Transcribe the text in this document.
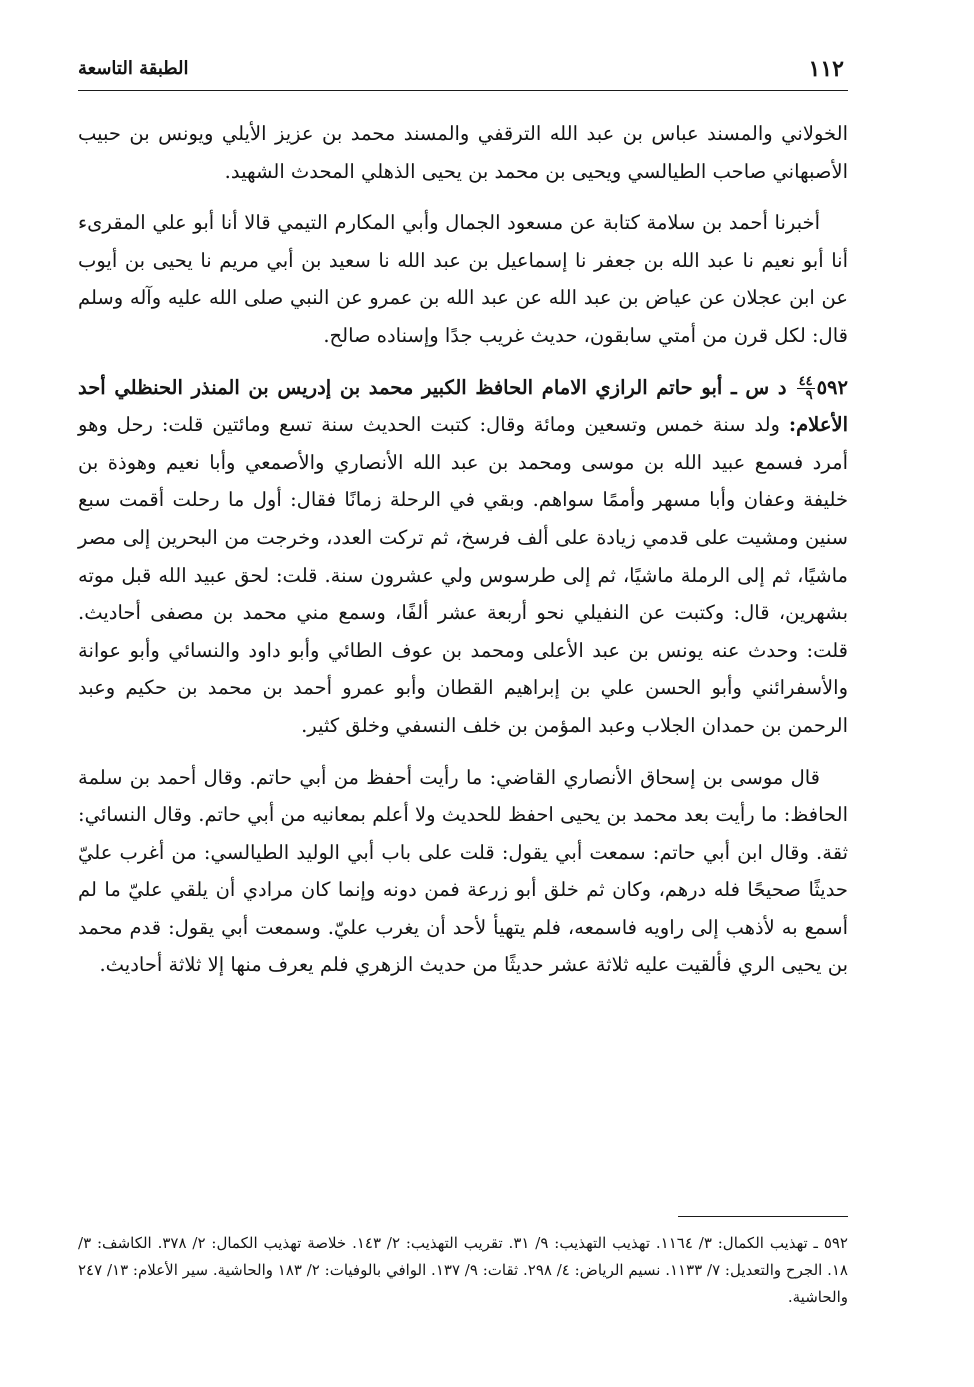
١١٢
الطبقة التاسعة

الخولاني والمسند عباس بن عبد الله الترقفي والمسند محمد بن عزيز الأيلي ويونس بن حبيب الأصبهاني صاحب الطيالسي ويحيى بن محمد بن يحيى الذهلي المحدث الشهيد.

أخبرنا أحمد بن سلامة كتابة عن مسعود الجمال وأبي المكارم التيمي قالا أنا أبو علي المقرىء أنا أبو نعيم نا عبد الله بن جعفر نا إسماعيل بن عبد الله نا سعيد بن أبي مريم نا يحيى بن أيوب عن ابن عجلان عن عياض بن عبد الله عن عبد الله بن عمرو عن النبي صلى الله عليه وآله وسلم قال: لكل قرن من أمتي سابقون، حديث غريب جدًا وإسناده صالح.

٥٩٢
$\frac{٤٤}{٩}$
د س ـ أبو حاتم الرازي الامام الحافظ الكبير محمد بن إدريس بن المنذر الحنظلي أحد الأعلام: ولد سنة خمس وتسعين ومائة وقال: كتبت الحديث سنة تسع ومائتين قلت: رحل وهو أمرد فسمع عبيد الله بن موسى ومحمد بن عبد الله الأنصاري والأصمعي وأبا نعيم وهوذة بن خليفة وعفان وأبا مسهر وأممًا سواهم. وبقي في الرحلة زمانًا فقال: أول ما رحلت أقمت سبع سنين ومشيت على قدمي زيادة على ألف فرسخ، ثم تركت العدد، وخرجت من البحرين إلى مصر ماشيًا، ثم إلى الرملة ماشيًا، ثم إلى طرسوس ولي عشرون سنة. قلت: لحق عبيد الله قبل موته بشهرين، قال: وكتبت عن النفيلي نحو أربعة عشر ألفًا، وسمع مني محمد بن مصفى أحاديث. قلت: وحدث عنه يونس بن عبد الأعلى ومحمد بن عوف الطائي وأبو داود والنسائي وأبو عوانة والأسفرائني وأبو الحسن علي بن إبراهيم القطان وأبو عمرو أحمد بن محمد بن حكيم وعبد الرحمن بن حمدان الجلاب وعبد المؤمن بن خلف النسفي وخلق كثير.

قال موسى بن إسحاق الأنصاري القاضي: ما رأيت أحفظ من أبي حاتم. وقال أحمد بن سلمة الحافظ: ما رأيت بعد محمد بن يحيى احفظ للحديث ولا أعلم بمعانيه من أبي حاتم. وقال النسائي: ثقة. وقال ابن أبي حاتم: سمعت أبي يقول: قلت على باب أبي الوليد الطيالسي: من أغرب عليّ حديثًا صحيحًا فله درهم، وكان ثم خلق أبو زرعة فمن دونه وإنما كان مرادي أن يلقي عليّ ما لم أسمع به لأذهب إلى راويه فاسمعه، فلم يتهيأ لأحد أن يغرب عليّ. وسمعت أبي يقول: قدم محمد بن يحيى الري فألقيت عليه ثلاثة عشر حديثًا من حديث الزهري فلم يعرف منها إلا ثلاثة أحاديث.

٥٩٢ ـ تهذيب الكمال: ٣/ ١١٦٤. تهذيب التهذيب: ٩/ ٣١. تقريب التهذيب: ٢/ ١٤٣. خلاصة تهذيب الكمال: ٢/ ٣٧٨. الكاشف: ٣/ ١٨. الجرح والتعديل: ٧/ ١١٣٣. نسيم الرياض: ٤/ ٢٩٨. ثقات: ٩/ ١٣٧. الوافي بالوفيات: ٢/ ١٨٣ والحاشية. سير الأعلام: ١٣/ ٢٤٧ والحاشية.
